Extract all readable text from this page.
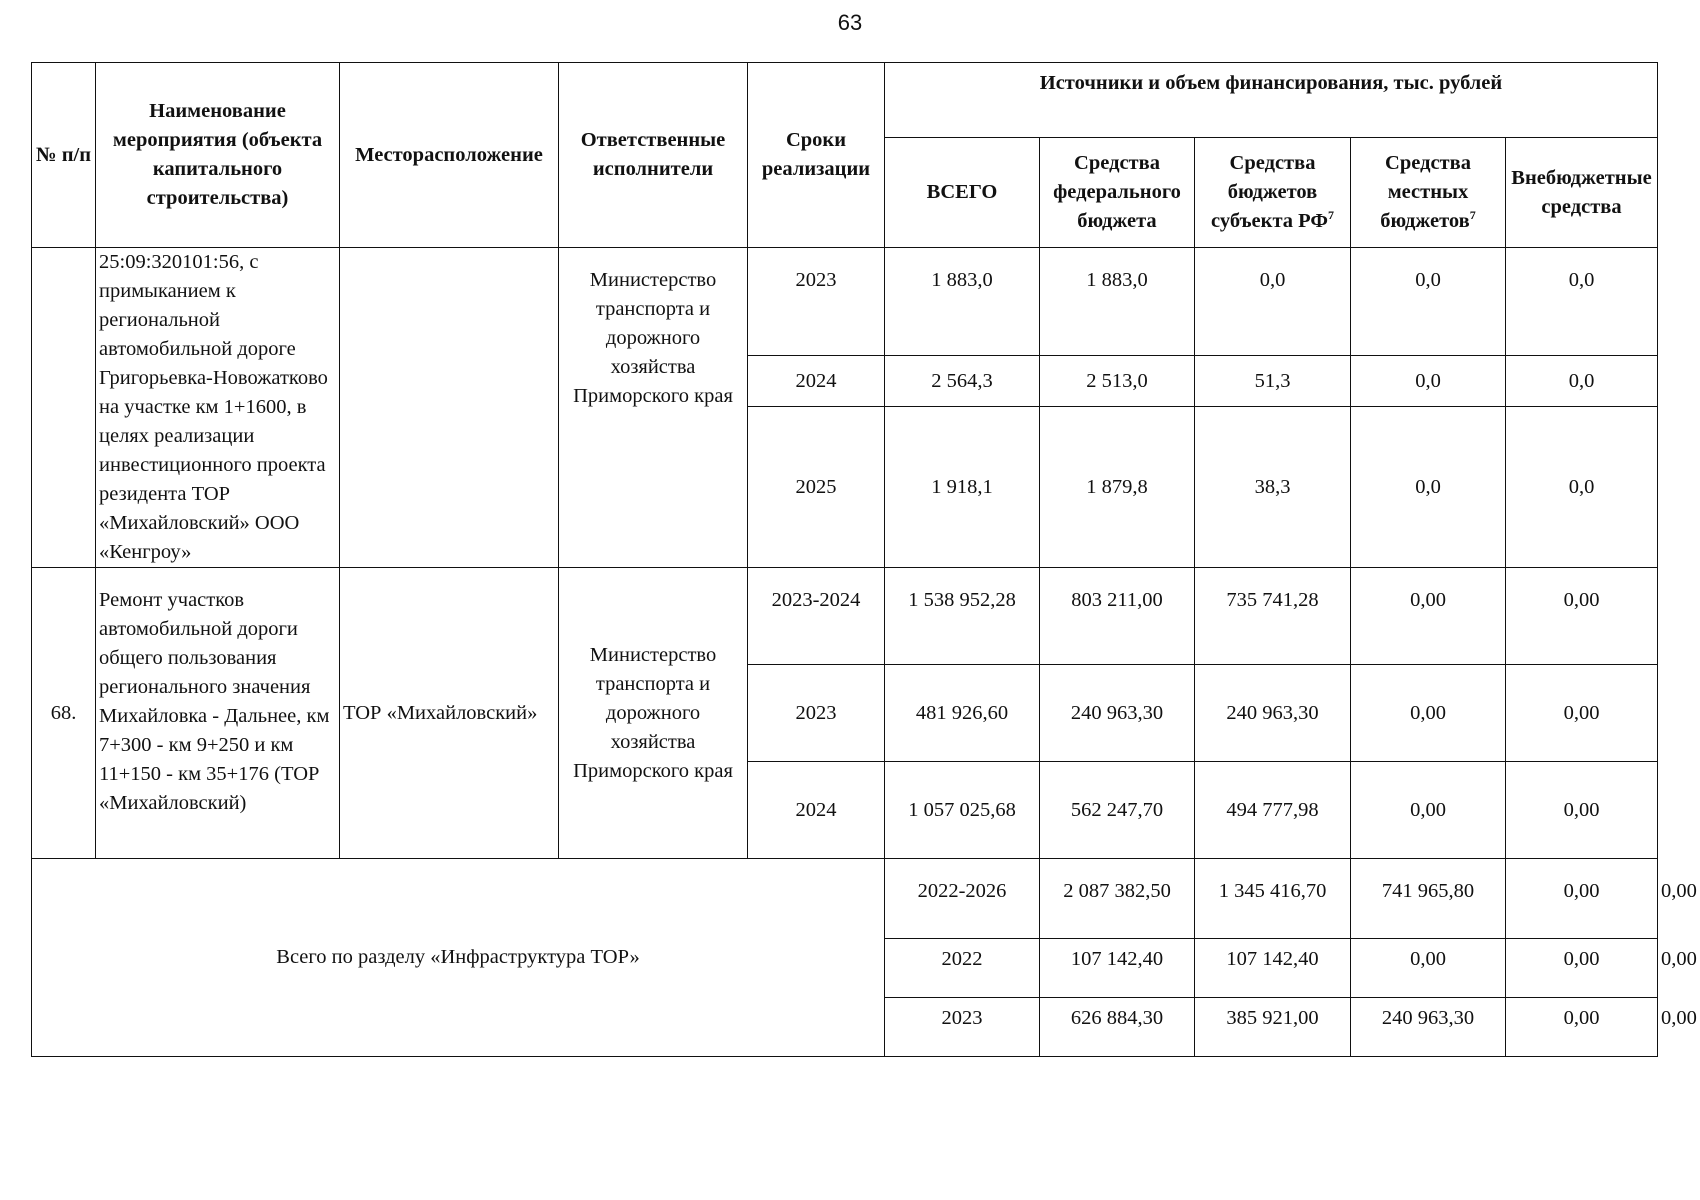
63
№ п/п	Наименование мероприятия (объекта капитального строительства)	Месторасположение	Ответственные исполнители	Сроки реализации	Источники и объем финансирования, тыс. рублей					
					ВСЕГО	Средства федерального бюджета	Средства бюджетов субъекта $РФ^7$	Средства местных бюджетов$^7$	Внебюджетные средства	
	25:09:320101:56, с примыканием к региональной автомобильной дороге Григорьевка-Новожатково на участке км 1+1600, в целях реализации инвестиционного проекта резидента ТОР «Михайловский» ООО «Кенгроу»		Министерство транспорта и дорожного хозяйства Приморского края	2023	1 883,0	1 883,0	0,0	0,0	0,0	
				2024	2 564,3	2 513,0	51,3	0,0	0,0	
				2025	1 918,1	1 879,8	38,3	0,0	0,0	
68.	Ремонт участков автомобильной дороги общего пользования регионального значения Михайловка - Дальнее, км 7+300 - км 9+250 и км 11+150 - км 35+176 (ТОР «Михайловский)	ТОР «Михайловский»	Министерство транспорта и дорожного хозяйства Приморского края	2023-2024	1 538 952,28	803 211,00	735 741,28	0,00	0,00	
				2023	481 926,60	240 963,30	240 963,30	0,00	0,00	
				2024	1 057 025,68	562 247,70	494 777,98	0,00	0,00	
Всего по разделу «Инфраструктура ТОР»					2022-2026	2 087 382,50	1 345 416,70	741 965,80	0,00	0,00
					2022	107 142,40	107 142,40	0,00	0,00	0,00
					2023	626 884,30	385 921,00	240 963,30	0,00	0,00
